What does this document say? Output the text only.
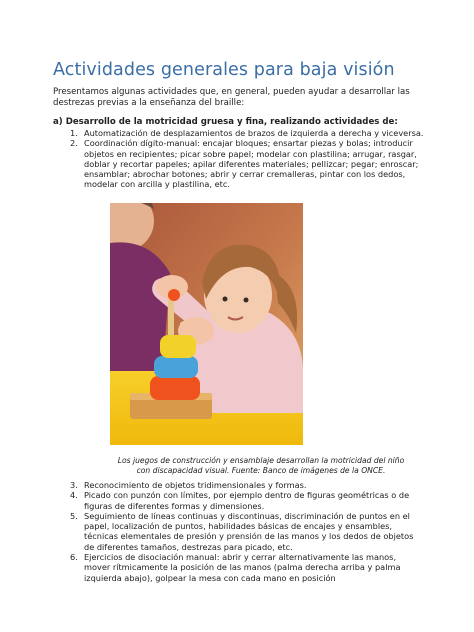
Actividades generales para baja visión

Presentamos algunas actividades que, en general, pueden ayudar a desarrollar las destrezas previas a la enseñanza del braille:

a) Desarrollo de la motricidad gruesa y fina, realizando actividades de:

1. Automatización de desplazamientos de brazos de izquierda a derecha y viceversa.
2. Coordinación dígito-manual: encajar bloques; ensartar piezas y bolas; introducir objetos en recipientes; picar sobre papel; modelar con plastilina; arrugar, rasgar, doblar y recortar papeles; apilar diferentes materiales; pellizcar; pegar; enroscar; ensamblar; abrochar botones; abrir y cerrar cremalleras, pintar con los dedos, modelar con arcilla y plastilina, etc.

Los juegos de construcción y ensamblaje desarrollan la motricidad del niño con discapacidad visual. Fuente: Banco de imágenes de la ONCE.

3. Reconocimiento de objetos tridimensionales y formas.
4. Picado con punzón con límites, por ejemplo dentro de figuras geométricas o de figuras de diferentes formas y dimensiones.
5. Seguimiento de líneas continuas y discontinuas, discriminación de puntos en el papel, localización de puntos, habilidades básicas de encajes y ensambles, técnicas elementales de presión y prensión de las manos y los dedos de objetos de diferentes tamaños, destrezas para picado, etc.
6. Ejercicios de disociación manual: abrir y cerrar alternativamente las manos, mover rítmicamente la posición de las manos (palma derecha arriba y palma izquierda abajo), golpear la mesa con cada mano en posición
